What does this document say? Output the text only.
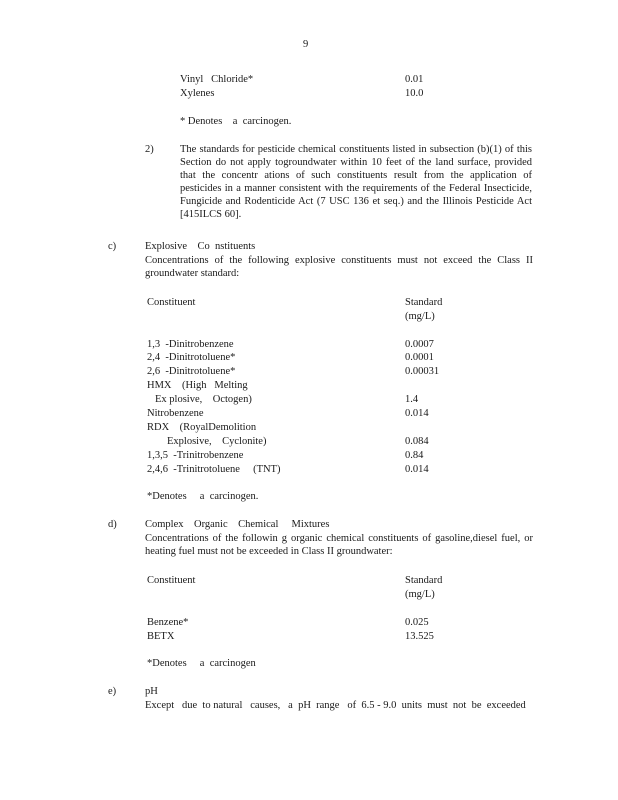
9
Vinyl   Chloride*	0.01
Xylenes	10.0
* Denotes    a  carcinogen.
2)	The standards for pesticide chemical constituents listed in subsection (b)(1) of this Section do not apply togroundwater within 10 feet of the land surface, provided that the concentr ations of such constituents result from the application of pesticides in a manner consistent with the requirements of the Federal Insecticide, Fungicide and Rodenticide Act (7 USC 136 et seq.) and the Illinois Pesticide Act [415ILCS 60].
c)	Explosive    Co  nstituents
Concentrations of the following explosive constituents must not exceed the Class II groundwater standard:
Constituent	Standard
(mg/L)
1,3  -Dinitrobenzene	0.0007
2,4  -Dinitrotoluene*	0.0001
2,6  -Dinitrotoluene*	0.00031
HMX    (High   Melting
Ex plosive,    Octogen)	1.4
Nitrobenzene	0.014
RDX    (RoyalDemolition
Explosive,    Cyclonite)	0.084
1,3,5  -Trinitrobenzene	0.84
2,4,6  -Trinitrotoluene     (TNT)	0.014
*Denotes     a  carcinogen.
d)	Complex    Organic    Chemical     Mixtures
Concentrations of the followin g organic chemical constituents of gasoline,diesel fuel, or heating fuel must not be exceeded in Class II groundwater:
Constituent	Standard
(mg/L)
Benzene*	0.025
BETX	13.525
*Denotes     a  carcinogen
e)	pH
Except   due  to natural   causes,   a  pH  range   of  6.5 - 9.0  units  must  not  be  exceeded
